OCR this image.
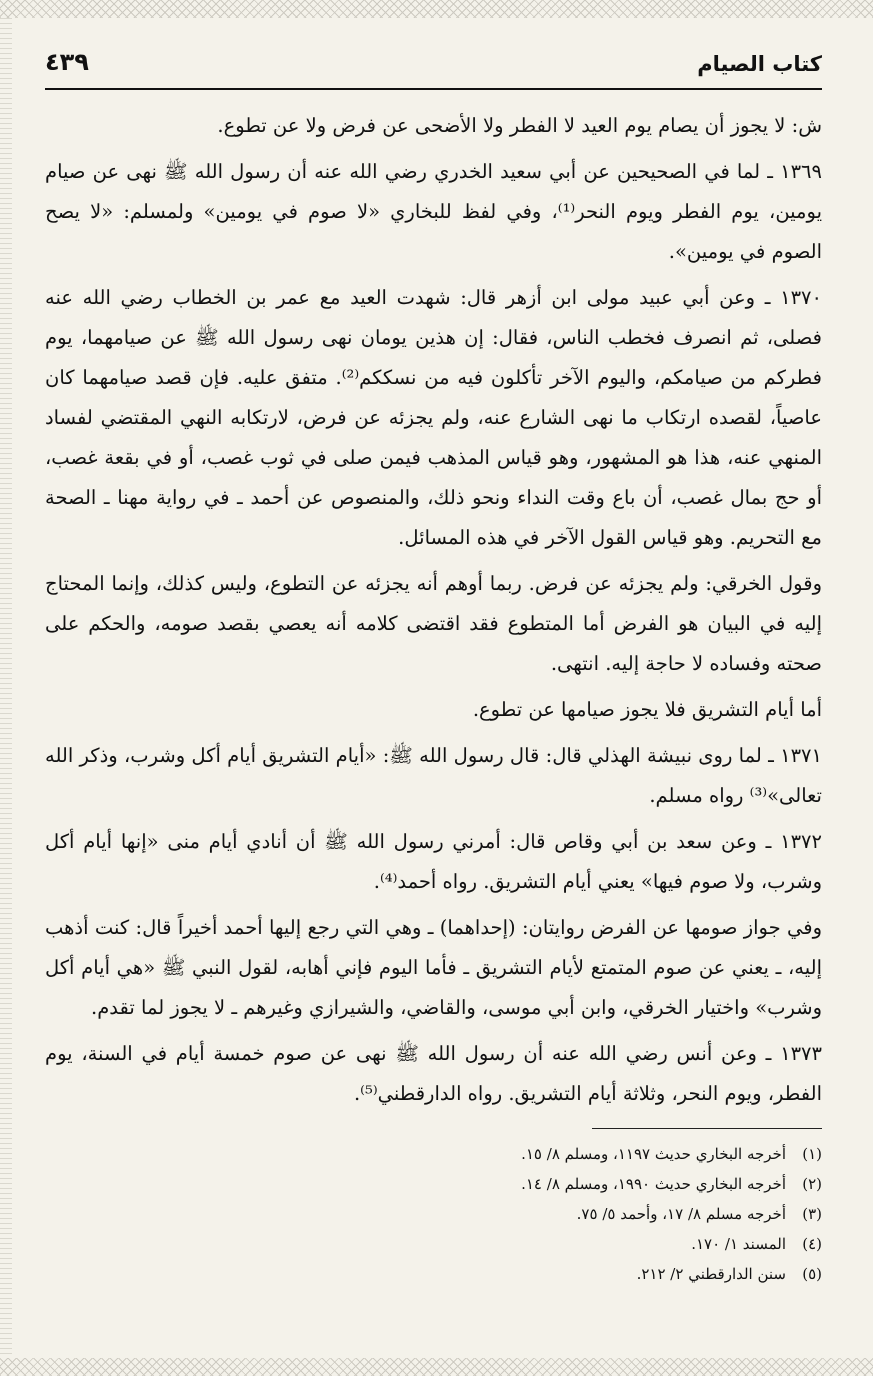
كتاب الصيام
٤٣٩

ش: لا يجوز أن يصام يوم العيد لا الفطر ولا الأضحى عن فرض ولا عن تطوع.

١٣٦٩ ـ لما في الصحيحين عن أبي سعيد الخدري رضي الله عنه أن رسول الله ﷺ نهى عن صيام يومين، يوم الفطر ويوم النحر⁽¹⁾، وفي لفظ للبخاري «لا صوم في يومين» ولمسلم: «لا يصح الصوم في يومين».

١٣٧٠ ـ وعن أبي عبيد مولى ابن أزهر قال: شهدت العيد مع عمر بن الخطاب رضي الله عنه فصلى، ثم انصرف فخطب الناس، فقال: إن هذين يومان نهى رسول الله ﷺ عن صيامهما، يوم فطركم من صيامكم، واليوم الآخر تأكلون فيه من نسككم⁽²⁾. متفق عليه. فإن قصد صيامهما كان عاصياً، لقصده ارتكاب ما نهى الشارع عنه، ولم يجزئه عن فرض، لارتكابه النهي المقتضي لفساد المنهي عنه، هذا هو المشهور، وهو قياس المذهب فيمن صلى في ثوب غصب، أو في بقعة غصب، أو حج بمال غصب، أن باع وقت النداء ونحو ذلك، والمنصوص عن أحمد ـ في رواية مهنا ـ الصحة مع التحريم. وهو قياس القول الآخر في هذه المسائل.

وقول الخرقي: ولم يجزئه عن فرض. ربما أوهم أنه يجزئه عن التطوع، وليس كذلك، وإنما المحتاج إليه في البيان هو الفرض أما المتطوع فقد اقتضى كلامه أنه يعصي بقصد صومه، والحكم على صحته وفساده لا حاجة إليه. انتهى.

أما أيام التشريق فلا يجوز صيامها عن تطوع.

١٣٧١ ـ لما روى نبيشة الهذلي قال: قال رسول الله ﷺ: «أيام التشريق أيام أكل وشرب، وذكر الله تعالى»⁽³⁾ رواه مسلم.

١٣٧٢ ـ وعن سعد بن أبي وقاص قال: أمرني رسول الله ﷺ أن أنادي أيام منى «إنها أيام أكل وشرب، ولا صوم فيها» يعني أيام التشريق. رواه أحمد⁽⁴⁾.

وفي جواز صومها عن الفرض روايتان: (إحداهما) ـ وهي التي رجع إليها أحمد أخيراً قال: كنت أذهب إليه، ـ يعني عن صوم المتمتع لأيام التشريق ـ فأما اليوم فإني أهابه، لقول النبي ﷺ «هي أيام أكل وشرب» واختيار الخرقي، وابن أبي موسى، والقاضي، والشيرازي وغيرهم ـ لا يجوز لما تقدم.

١٣٧٣ ـ وعن أنس رضي الله عنه أن رسول الله ﷺ نهى عن صوم خمسة أيام في السنة، يوم الفطر، ويوم النحر، وثلاثة أيام التشريق. رواه الدارقطني⁽⁵⁾.

(١)
أخرجه البخاري حديث ١١٩٧، ومسلم ٨/ ١٥.
(٢)
أخرجه البخاري حديث ١٩٩٠، ومسلم ٨/ ١٤.
(٣)
أخرجه مسلم ٨/ ١٧، وأحمد ٥/ ٧٥.
(٤)
المسند ١/ ١٧٠.
(٥)
سنن الدارقطني ٢/ ٢١٢.
